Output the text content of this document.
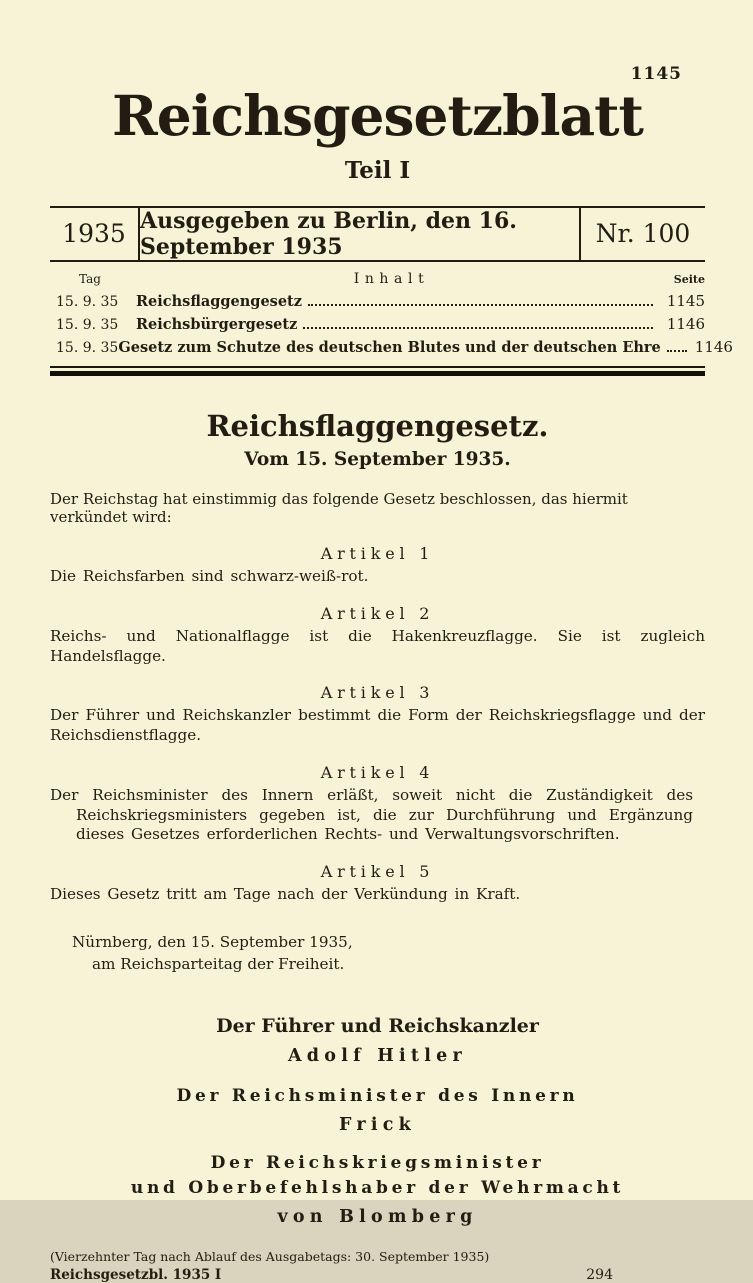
1145
Reichsgesetzblatt
Teil I
1935 Ausgegeben zu Berlin, den 16. September 1935	Nr. 100
Tag	Inhalt	Seite
15. 9. 35	Reichsflaggengesetz	1145
15. 9. 35	Reichsbürgergesetz	1146
15. 9. 35 Gesetz zum Schutze des deutschen Blutes und der deutschen Ehre 1146
Reichsflaggengesetz.
Vom 15. September 1935.
Der Reichstag hat einstimmig das folgende Gesetz beschlossen, das hiermit verkündet wird:
Artikel 1
Die Reichsfarben sind schwarz-weiß-rot.
Artikel 2
Reichs- und Nationalflagge ist die Hakenkreuzflagge. Sie ist zugleich Handelsflagge.
Artikel 3
Der Führer und Reichskanzler bestimmt die Form der Reichskriegsflagge und der Reichsdienstflagge.
Artikel 4
Der Reichsminister des Innern erläßt, soweit nicht die Zuständigkeit des Reichskriegsministers gegeben ist, die zur Durchführung und Ergänzung dieses Gesetzes erforderlichen Rechts- und Verwaltungsvorschriften.
Artikel 5
Dieses Gesetz tritt am Tage nach der Verkündung in Kraft.
Nürnberg, den 15. September 1935,
am Reichsparteitag der Freiheit.
Der Führer und Reichskanzler
Adolf Hitler
Der Reichsminister des Innern
Frick
Der Reichskriegsminister
und Oberbefehlshaber der Wehrmacht
von Blomberg
(Vierzehnter Tag nach Ablauf des Ausgabetags: 30. September 1935)
Reichsgesetzbl. 1935 I	294
